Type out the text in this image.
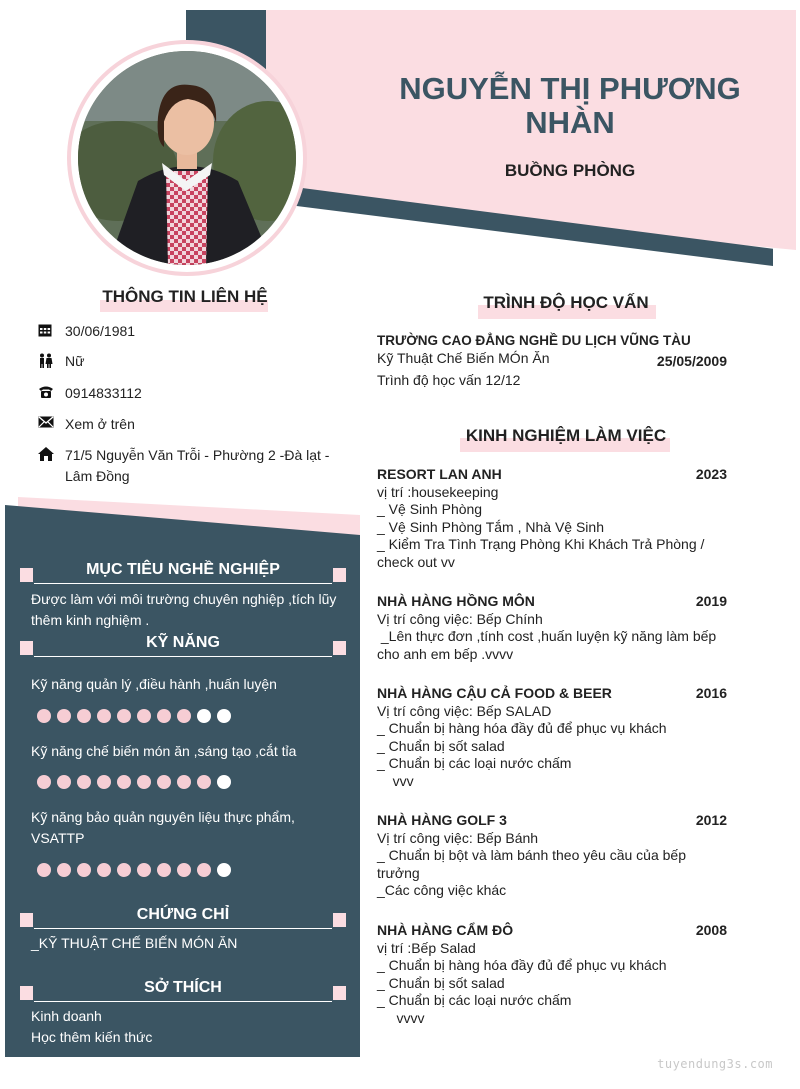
NGUYỄN THỊ PHƯƠNG NHÀN
BUỒNG PHÒNG
THÔNG TIN LIÊN HỆ
30/06/1981
Nữ
0914833112
Xem ở trên
71/5 Nguyễn Văn Trỗi - Phường 2 -Đà lạt - Lâm Đồng
MỤC TIÊU NGHỀ NGHIỆP
Được làm với môi trường chuyên nghiệp ,tích lũy thêm kinh nghiệm .
KỸ NĂNG
Kỹ năng quản lý ,điều hành ,huấn luyện
Kỹ năng chế biến món ăn ,sáng tạo ,cắt tỉa
Kỹ năng bảo quản nguyên liệu thực phẩm, VSATTP
CHỨNG CHỈ
_KỸ THUẬT CHẾ BIẾN MÓN ĂN
SỞ THÍCH
Kinh doanh
Học thêm kiến thức
TRÌNH ĐỘ HỌC VẤN
TRƯỜNG CAO ĐẲNG NGHỀ DU LỊCH VŨNG TÀU
Kỹ Thuật Chế Biến MÓn Ăn	25/05/2009
Trình độ học vấn 12/12
KINH NGHIỆM LÀM VIỆC
RESORT LAN ANH	2023
vị trí :housekeeping
_ Vệ Sinh Phòng
_ Vệ Sinh Phòng Tắm , Nhà Vệ Sinh
_ Kiểm Tra Tình Trạng Phòng Khi Khách Trả Phòng / check out vv
NHÀ HÀNG HỒNG MÔN	2019
Vị trí công việc: Bếp Chính
_Lên thực đơn ,tính cost ,huấn luyện kỹ năng làm bếp cho anh em bếp .vvvv
NHÀ HÀNG CẬU CẢ FOOD & BEER	2016
Vị trí công việc: Bếp SALAD
_ Chuẩn bị hàng hóa đầy đủ để phục vụ khách
_ Chuẩn bị sốt salad
_ Chuẩn bị các loại nước chấm
vvv
NHÀ HÀNG GOLF 3	2012
Vị trí công việc: Bếp Bánh
_ Chuẩn bị bột và làm bánh theo yêu cầu của bếp trưởng
_Các công việc khác
NHÀ HÀNG CẨM ĐÔ	2008
vị trí :Bếp Salad
_ Chuẩn bị hàng hóa đầy đủ để phục vụ khách
_ Chuẩn bị sốt salad
_ Chuẩn bị các loại nước chấm
vvvv
tuyendung3s.com
